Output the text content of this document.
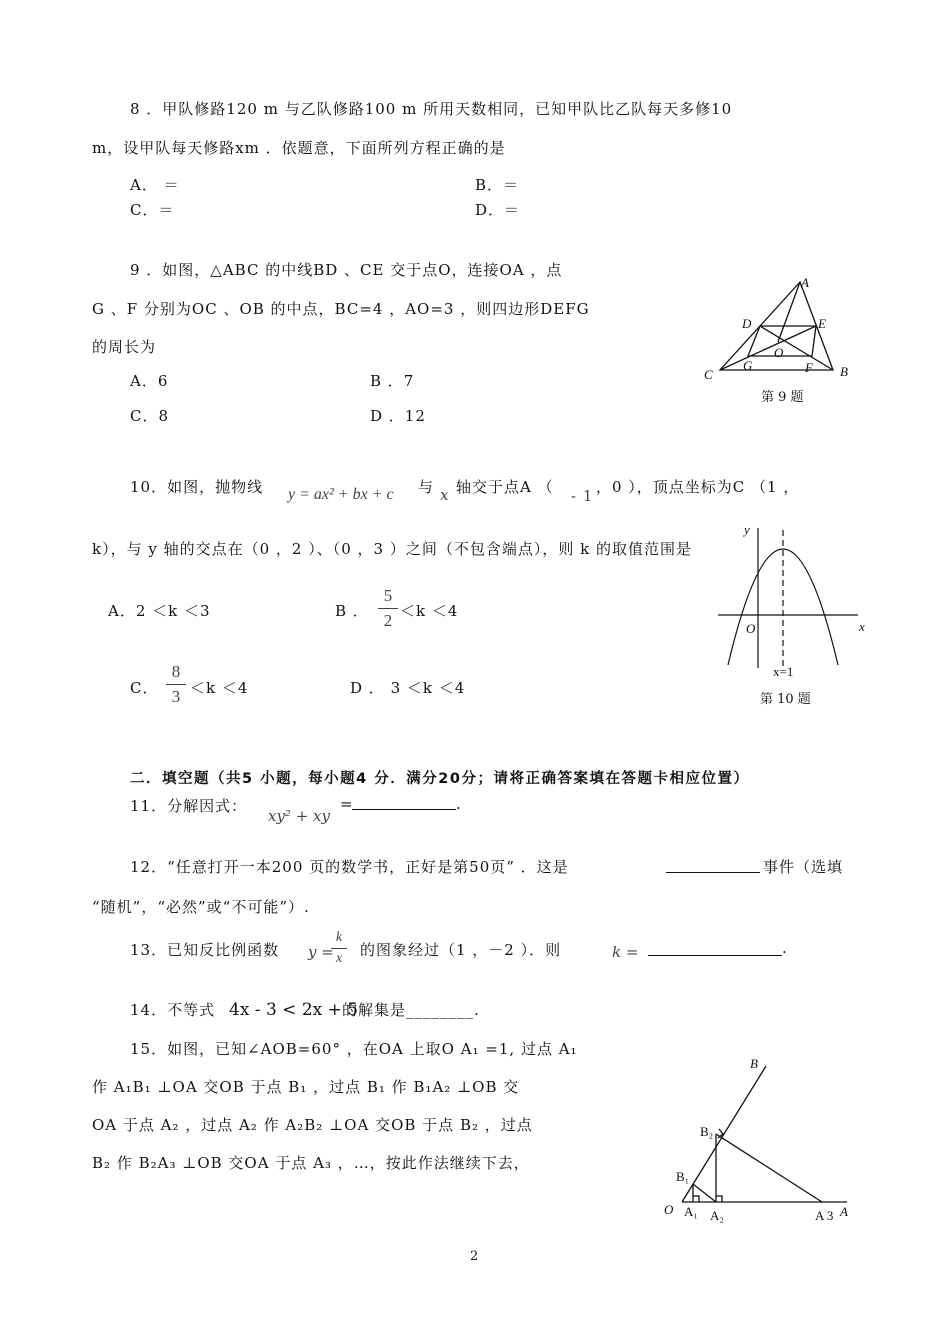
8 ．甲队修路120 m 与乙队修路100 m 所用天数相同，已知甲队比乙队每天多修10
m，设甲队每天修路xm ．依题意，下面所列方程正确的是
A． ＝	B．＝
C．＝	D．＝
9 ．如图，△ABC 的中线BD 、CE 交于点O，连接OA ，点
G 、F 分别为OC 、OB 的中点，BC=4 ，AO=3 ，则四边形DEFG
的周长为
A．6	B ．7
C．8	D ．12
A
D	E
O
G	F
C	B
第 9 题
10．如图，抛物线 y = ax² + bx + c 与 x 轴交于点A （ - 1 ，0 ），顶点坐标为C （1 ，
k），与 y 轴的交点在（0 ，2 ）、（0 ，3 ）之间（不包含端点），则 k 的取值范围是
A．2 ＜k ＜3	B ．
5
2 ＜k ＜4
C．
8
3 ＜k ＜4	D ． 3 ＜k ＜4
y
x
O
x=1
第 10 题
二．填空题（共5 小题，每小题4 分．满分20分；请将正确答案填在答题卡相应位置）
11．分解因式：
xy² + xy
=	.
12．“任意打开一本200 页的数学书，正好是第50页” ．这是	事件（选填
“随机”，“必然”或“不可能”）.
13．已知反比例函数 y =
k
x	的图象经过（1 ，－2 ）．则	k =	.
14．不等式 4x - 3 < 2x + 5
的解集是________.
15．如图，已知∠AOB=60° ，在OA 上取O A₁ =1, 过点 A₁
作 A₁B₁ ⊥OA 交OB 于点 B₁ ，过点 B₁ 作 B₁A₂ ⊥OB 交
OA 于点 A₂ ，过点 A₂ 作 A₂B₂ ⊥OA 交OB 于点 B₂ ，过点
B₂ 作 B₂A₃ ⊥OB 交OA 于点 A₃ ，…，按此作法继续下去，
B
B₂
B₁
O A₁ A₂	A 3 A
2
